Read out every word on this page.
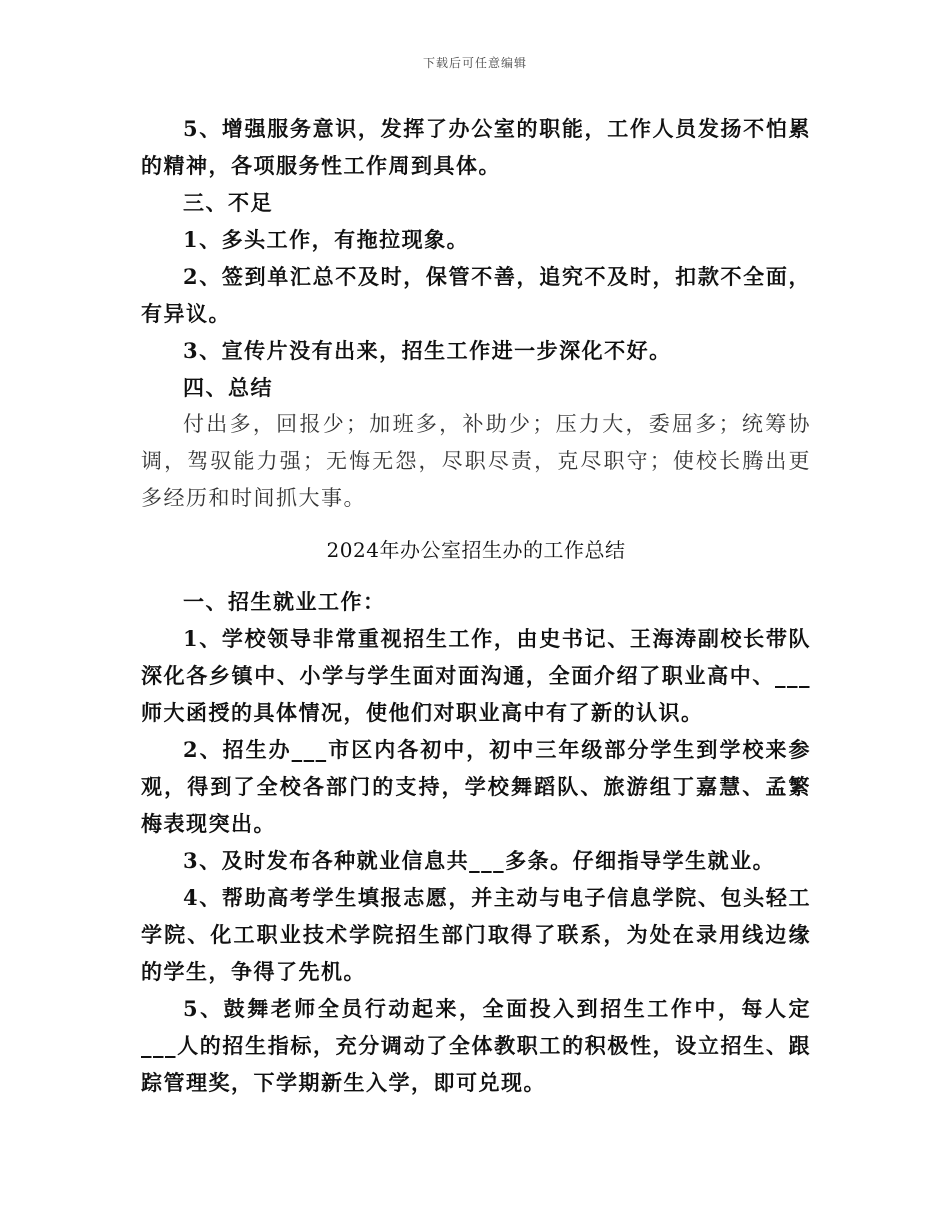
下载后可任意编辑

5、增强服务意识，发挥了办公室的职能，工作人员发扬不怕累的精神，各项服务性工作周到具体。

三、不足

1、多头工作，有拖拉现象。

2、签到单汇总不及时，保管不善，追究不及时，扣款不全面，有异议。

3、宣传片没有出来，招生工作进一步深化不好。

四、总结

付出多，回报少；加班多，补助少；压力大，委屈多；统筹协调，驾驭能力强；无悔无怨，尽职尽责，克尽职守；使校长腾出更多经历和时间抓大事。

2024年办公室招生办的工作总结

一、招生就业工作：

1、学校领导非常重视招生工作，由史书记、王海涛副校长带队深化各乡镇中、小学与学生面对面沟通，全面介绍了职业高中、___师大函授的具体情况，使他们对职业高中有了新的认识。

2、招生办___市区内各初中，初中三年级部分学生到学校来参观，得到了全校各部门的支持，学校舞蹈队、旅游组丁嘉慧、孟繁梅表现突出。

3、及时发布各种就业信息共___多条。仔细指导学生就业。

4、帮助高考学生填报志愿，并主动与电子信息学院、包头轻工学院、化工职业技术学院招生部门取得了联系，为处在录用线边缘的学生，争得了先机。

5、鼓舞老师全员行动起来，全面投入到招生工作中，每人定___人的招生指标，充分调动了全体教职工的积极性，设立招生、跟踪管理奖，下学期新生入学，即可兑现。
